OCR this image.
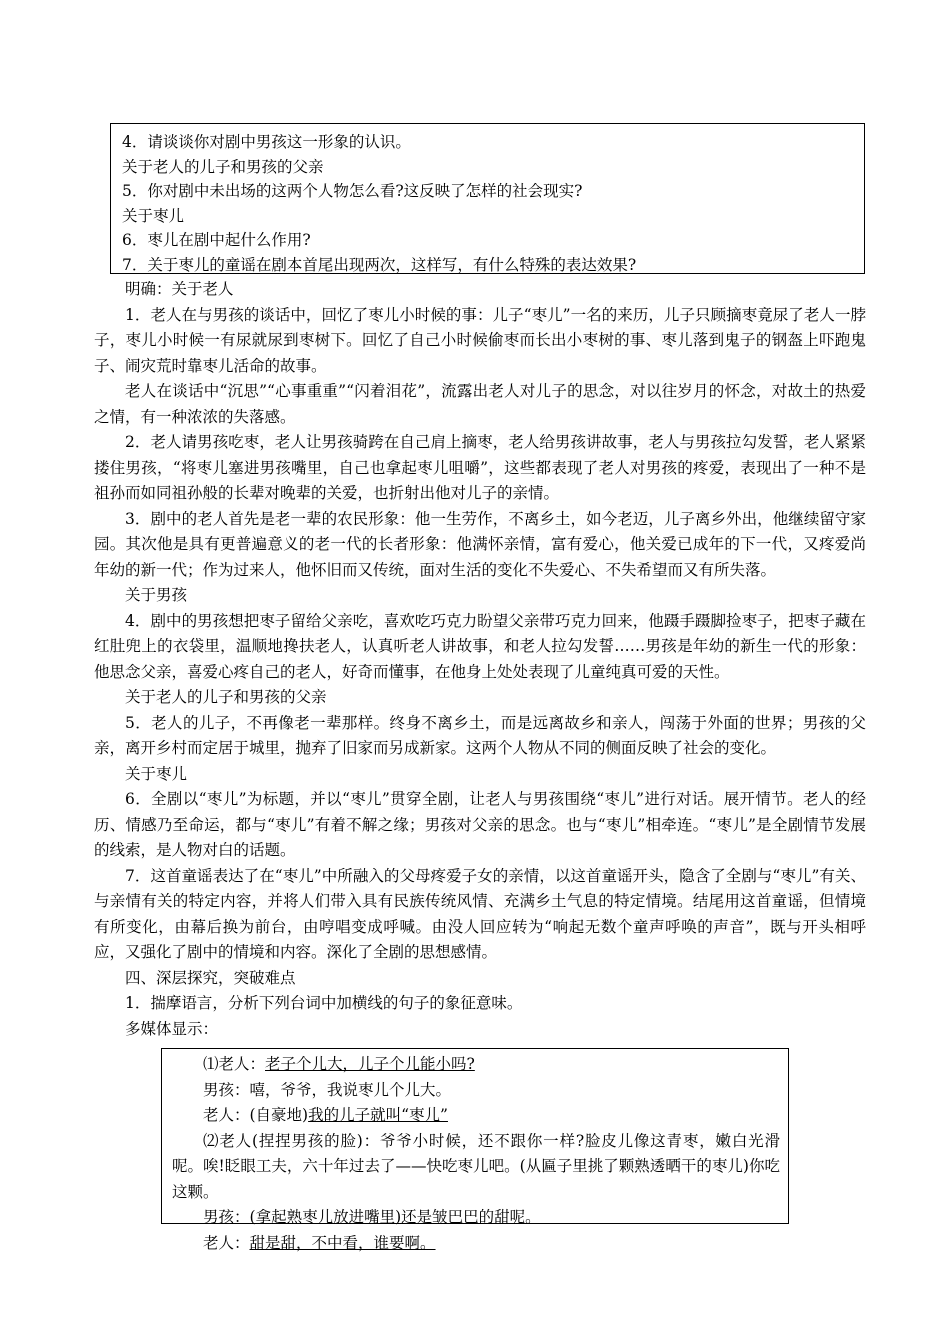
4．请谈谈你对剧中男孩这一形象的认识。
关于老人的儿子和男孩的父亲
5．你对剧中未出场的这两个人物怎么看?这反映了怎样的社会现实?
关于枣儿
6．枣儿在剧中起什么作用?
7．关于枣儿的童谣在剧本首尾出现两次，这样写，有什么特殊的表达效果?

明确：关于老人

1．老人在与男孩的谈话中，回忆了枣儿小时候的事：儿子“枣儿”一名的来历，儿子只顾摘枣竟尿了老人一脖子，枣儿小时候一有尿就尿到枣树下。回忆了自己小时候偷枣而长出小枣树的事、枣儿落到鬼子的钢盔上吓跑鬼子、闹灾荒时靠枣儿活命的故事。

老人在谈话中“沉思”“心事重重”“闪着泪花”，流露出老人对儿子的思念，对以往岁月的怀念，对故土的热爱之情，有一种浓浓的失落感。

2．老人请男孩吃枣，老人让男孩骑跨在自己肩上摘枣，老人给男孩讲故事，老人与男孩拉勾发誓，老人紧紧搂住男孩，“将枣儿塞进男孩嘴里，自己也拿起枣儿咀嚼”，这些都表现了老人对男孩的疼爱，表现出了一种不是祖孙而如同祖孙般的长辈对晚辈的关爱，也折射出他对儿子的亲情。

3．剧中的老人首先是老一辈的农民形象：他一生劳作，不离乡土，如今老迈，儿子离乡外出，他继续留守家园。其次他是具有更普遍意义的老一代的长者形象：他满怀亲情，富有爱心，他关爱已成年的下一代，又疼爱尚年幼的新一代；作为过来人，他怀旧而又传统，面对生活的变化不失爱心、不失希望而又有所失落。

关于男孩

4．剧中的男孩想把枣子留给父亲吃，喜欢吃巧克力盼望父亲带巧克力回来，他蹑手蹑脚捡枣子，把枣子藏在红肚兜上的衣袋里，温顺地搀扶老人，认真听老人讲故事，和老人拉勾发誓……男孩是年幼的新生一代的形象：他思念父亲，喜爱心疼自己的老人，好奇而懂事，在他身上处处表现了儿童纯真可爱的天性。

关于老人的儿子和男孩的父亲

5．老人的儿子，不再像老一辈那样。终身不离乡土，而是远离故乡和亲人，闯荡于外面的世界；男孩的父亲，离开乡村而定居于城里，抛弃了旧家而另成新家。这两个人物从不同的侧面反映了社会的变化。

关于枣儿

6．全剧以“枣儿”为标题，并以“枣儿”贯穿全剧，让老人与男孩围绕“枣儿”进行对话。展开情节。老人的经历、情感乃至命运，都与“枣儿”有着不解之缘；男孩对父亲的思念。也与“枣儿”相牵连。“枣儿”是全剧情节发展的线索，是人物对白的话题。

7．这首童谣表达了在“枣儿”中所融入的父母疼爱子女的亲情，以这首童谣开头，隐含了全剧与“枣儿”有关、与亲情有关的特定内容，并将人们带入具有民族传统风情、充满乡土气息的特定情境。结尾用这首童谣，但情境有所变化，由幕后换为前台，由哼唱变成呼喊。由没人回应转为“响起无数个童声呼唤的声音”，既与开头相呼应，又强化了剧中的情境和内容。深化了全剧的思想感情。

四、深层探究，突破难点

1．揣摩语言，分析下列台词中加横线的句子的象征意味。

多媒体显示：

⑴老人：老子个儿大，儿子个儿能小吗?
男孩：嘻，爷爷，我说枣儿个儿大。
老人：(自豪地)我的儿子就叫“枣儿”
⑵老人(捏捏男孩的脸)：爷爷小时候，还不跟你一样?脸皮儿像这青枣，嫩白光滑呢。唉!眨眼工夫，六十年过去了——快吃枣儿吧。(从匾子里挑了颗熟透晒干的枣儿)你吃这颗。
男孩：(拿起熟枣儿放进嘴里)还是皱巴巴的甜呢。
老人：甜是甜，不中看，谁要啊。
